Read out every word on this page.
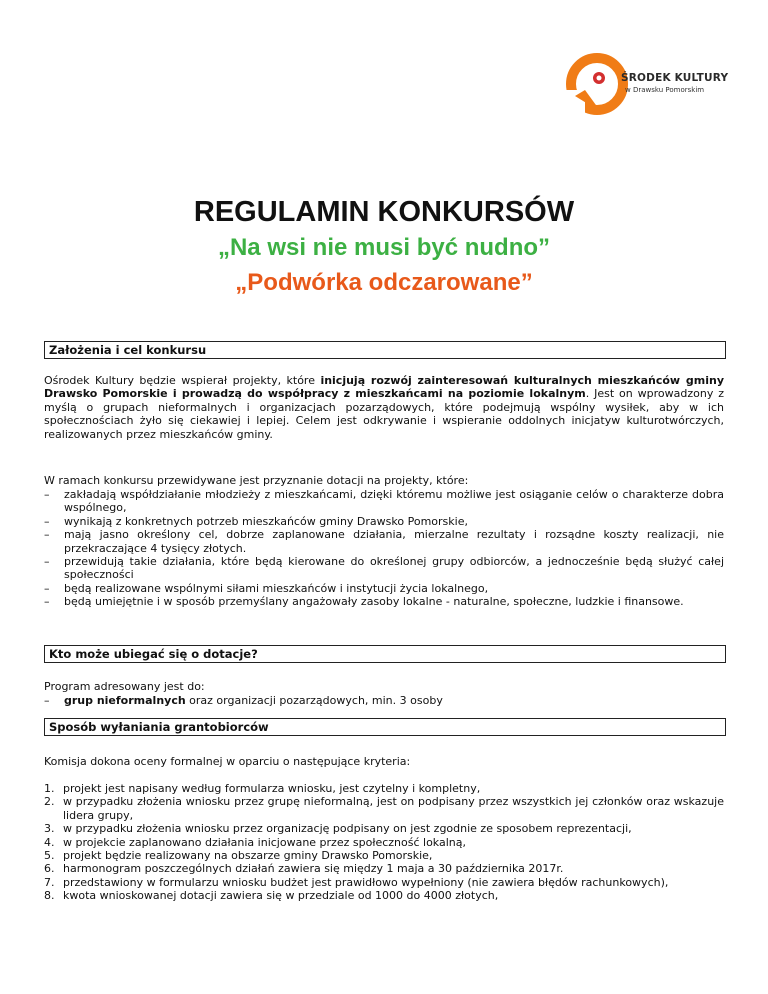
ŚRODEK KULTURY
w Drawsku Pomorskim
REGULAMIN KONKURSÓW
„Na wsi nie musi być nudno”
„Podwórka odczarowane”
Założenia i cel konkursu
Ośrodek Kultury będzie wspierał projekty, które inicjują rozwój zainteresowań kulturalnych mieszkańców gminy Drawsko Pomorskie i prowadzą do współpracy z mieszkańcami na poziomie lokalnym. Jest on wprowadzony z myślą o grupach nieformalnych i organizacjach pozarządowych, które podejmują wspólny wysiłek, aby w ich społecznościach żyło się ciekawiej i lepiej. Celem jest odkrywanie i wspieranie oddolnych inicjatyw kulturotwórczych, realizowanych przez mieszkańców gminy.
W ramach konkursu przewidywane jest przyznanie dotacji na projekty, które:
– zakładają współdziałanie młodzieży z mieszkańcami, dzięki któremu możliwe jest osiąganie celów o charakterze dobra wspólnego,
– wynikają z konkretnych potrzeb mieszkańców gminy Drawsko Pomorskie,
– mają jasno określony cel, dobrze zaplanowane działania, mierzalne rezultaty i rozsądne koszty realizacji, nie przekraczające 4 tysięcy złotych.
– przewidują takie działania, które będą kierowane do określonej grupy odbiorców, a jednocześnie będą służyć całej społeczności
– będą realizowane wspólnymi siłami mieszkańców i instytucji życia lokalnego,
– będą umiejętnie i w sposób przemyślany angażowały zasoby lokalne - naturalne, społeczne, ludzkie i finansowe.
Kto może ubiegać się o dotacje?
Program adresowany jest do:
– grup nieformalnych oraz organizacji pozarządowych, min. 3 osoby
Sposób wyłaniania grantobiorców
Komisja dokona oceny formalnej w oparciu o następujące kryteria:
1. projekt jest napisany według formularza wniosku, jest czytelny i kompletny,
2. w przypadku złożenia wniosku przez grupę nieformalną, jest on podpisany przez wszystkich jej członków oraz wskazuje lidera grupy,
3. w przypadku złożenia wniosku przez organizację podpisany on jest zgodnie ze sposobem reprezentacji,
4. w projekcie zaplanowano działania inicjowane przez społeczność lokalną,
5. projekt będzie realizowany na obszarze gminy Drawsko Pomorskie,
6. harmonogram poszczególnych działań zawiera się między 1 maja a 30 października 2017r.
7. przedstawiony w formularzu wniosku budżet jest prawidłowo wypełniony (nie zawiera błędów rachunkowych),
8. kwota wnioskowanej dotacji zawiera się w przedziale od 1000 do 4000 złotych,
